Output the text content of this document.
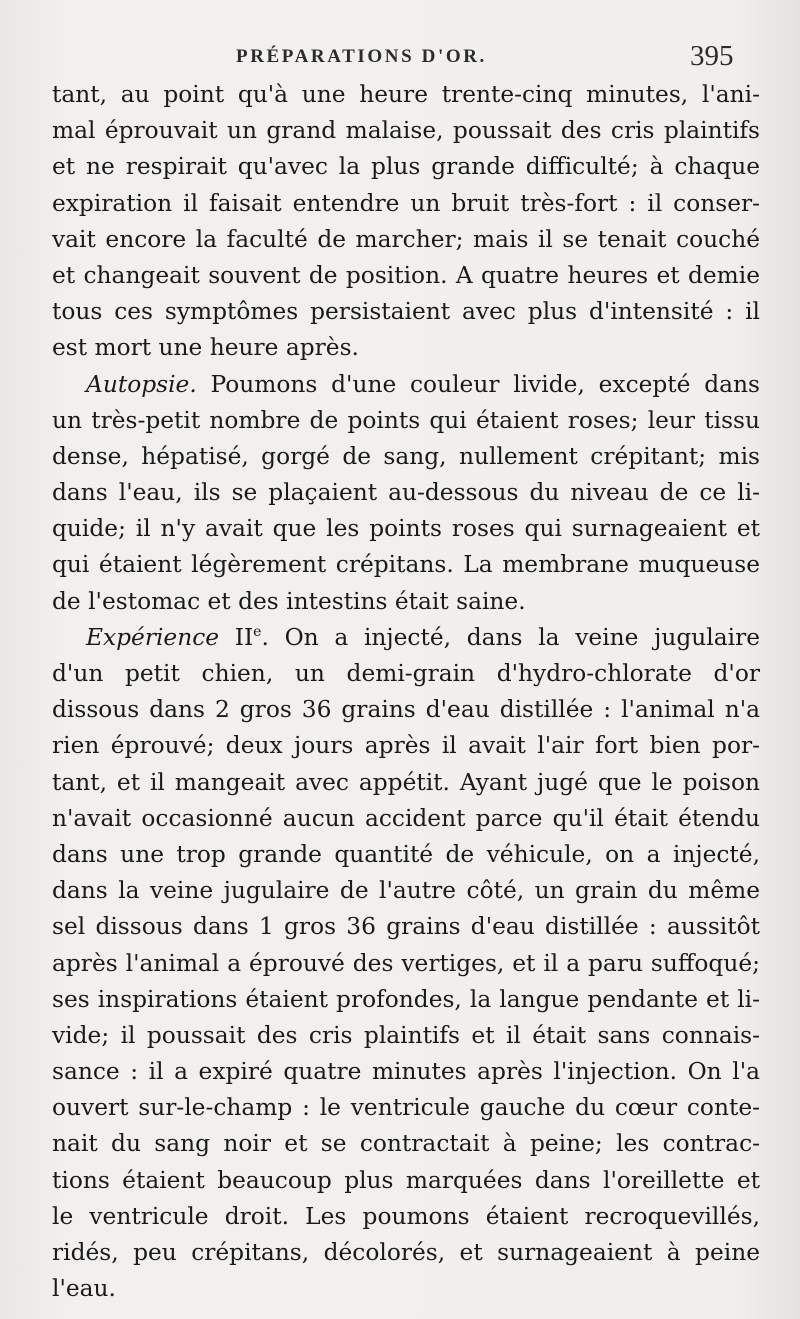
PRÉPARATIONS D'OR.	395
tant, au point qu'à une heure trente-cinq minutes, l'ani-
mal éprouvait un grand malaise, poussait des cris plaintifs
et ne respirait qu'avec la plus grande difficulté; à chaque
expiration il faisait entendre un bruit très-fort : il conser-
vait encore la faculté de marcher; mais il se tenait couché
et changeait souvent de position. A quatre heures et demie
tous ces symptômes persistaient avec plus d'intensité : il
est mort une heure après.
Autopsie. Poumons d'une couleur livide, excepté dans
un très-petit nombre de points qui étaient roses; leur tissu
dense, hépatisé, gorgé de sang, nullement crépitant; mis
dans l'eau, ils se plaçaient au-dessous du niveau de ce li-
quide; il n'y avait que les points roses qui surnageaient et
qui étaient légèrement crépitans. La membrane muqueuse
de l'estomac et des intestins était saine.
Expérience IIe. On a injecté, dans la veine jugulaire
d'un petit chien, un demi-grain d'hydro-chlorate d'or
dissous dans 2 gros 36 grains d'eau distillée : l'animal n'a
rien éprouvé; deux jours après il avait l'air fort bien por-
tant, et il mangeait avec appétit. Ayant jugé que le poison
n'avait occasionné aucun accident parce qu'il était étendu
dans une trop grande quantité de véhicule, on a injecté,
dans la veine jugulaire de l'autre côté, un grain du même
sel dissous dans 1 gros 36 grains d'eau distillée : aussitôt
après l'animal a éprouvé des vertiges, et il a paru suffoqué;
ses inspirations étaient profondes, la langue pendante et li-
vide; il poussait des cris plaintifs et il était sans connais-
sance : il a expiré quatre minutes après l'injection. On l'a
ouvert sur-le-champ : le ventricule gauche du cœur conte-
nait du sang noir et se contractait à peine; les contrac-
tions étaient beaucoup plus marquées dans l'oreillette et
le ventricule droit. Les poumons étaient recroquevillés,
ridés, peu crépitans, décolorés, et surnageaient à peine
l'eau.
